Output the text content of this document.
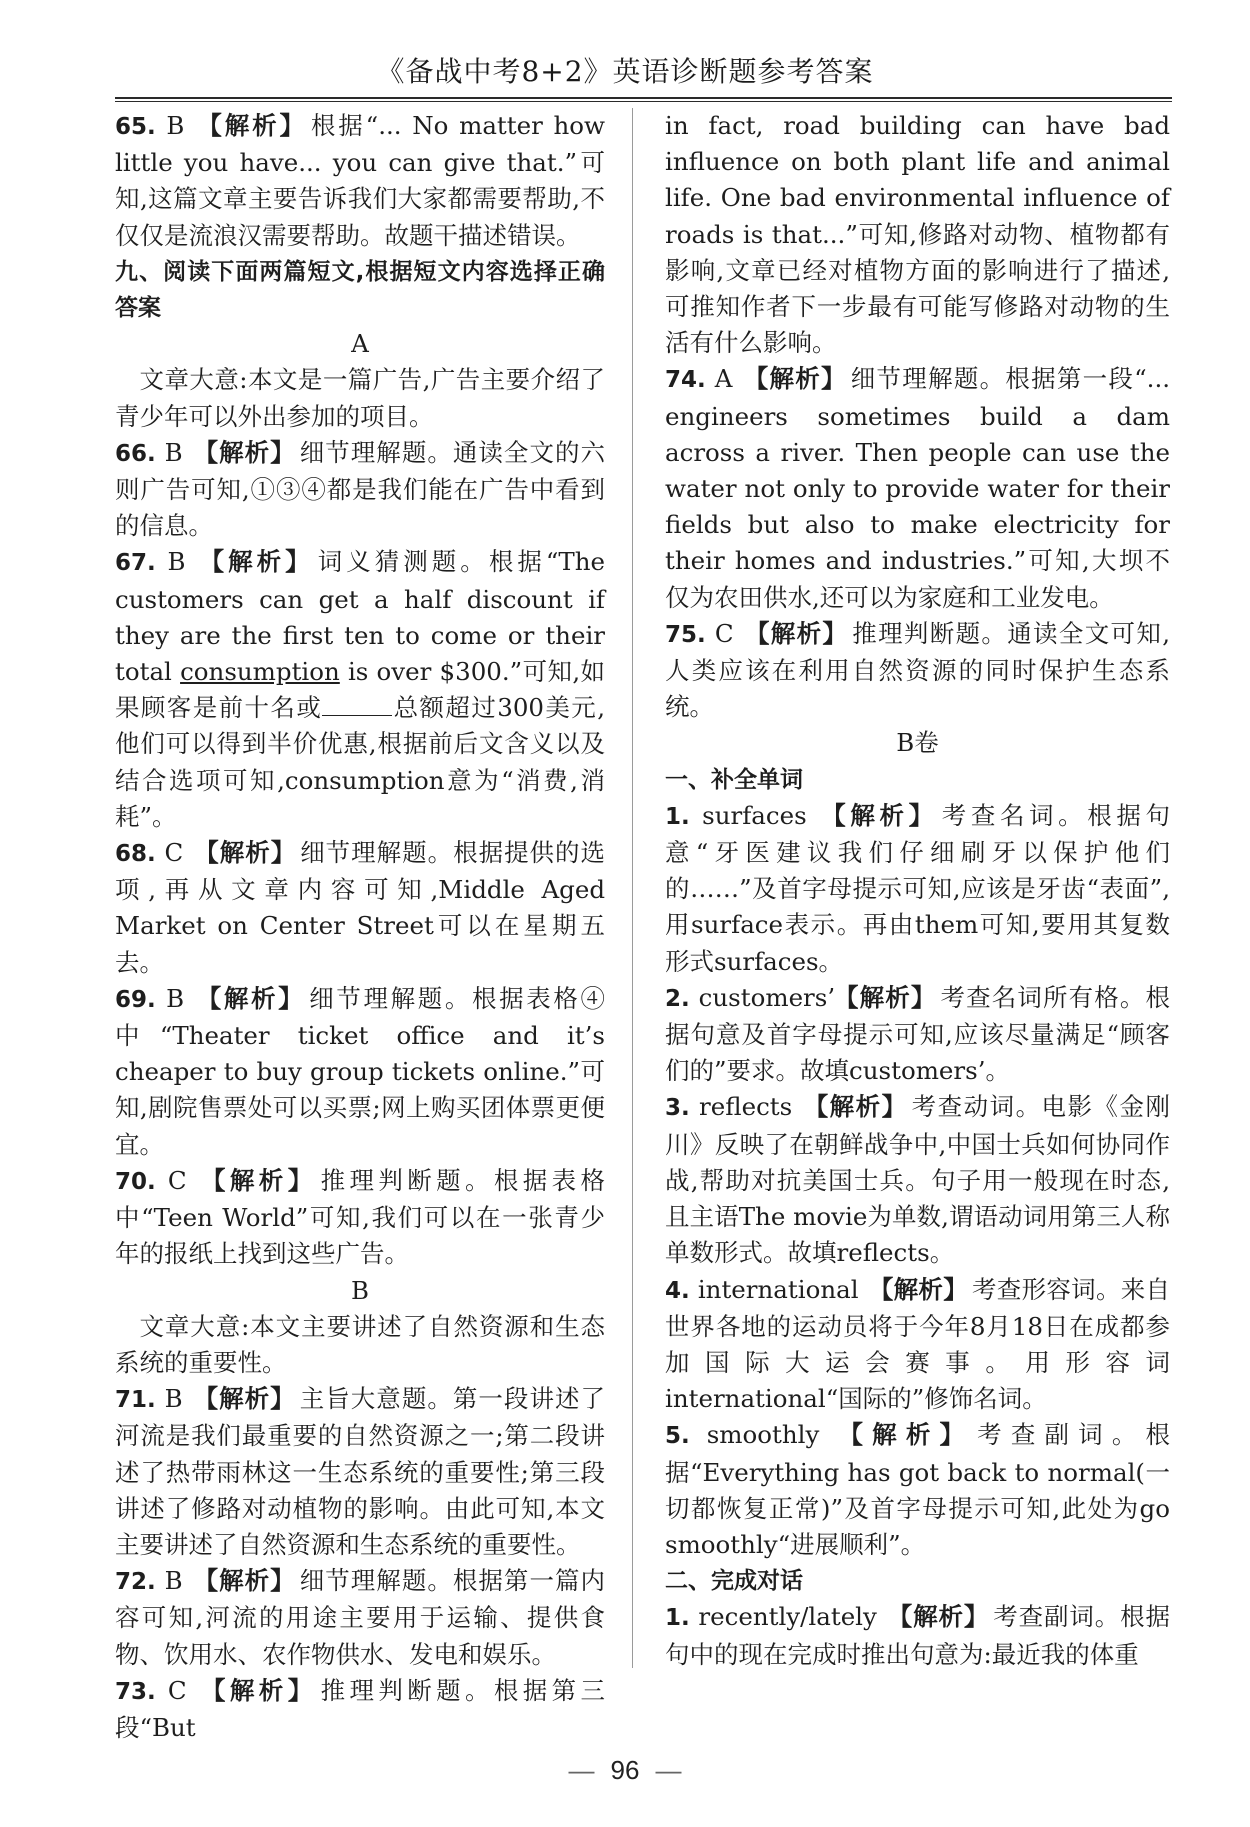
《备战中考8+2》英语诊断题参考答案

65. B 【解析】 根据“... No matter how little you have... you can give that.”可知,这篇文章主要告诉我们大家都需要帮助,不仅仅是流浪汉需要帮助。故题干描述错误。

九、阅读下面两篇短文,根据短文内容选择正确答案

A

文章大意:本文是一篇广告,广告主要介绍了青少年可以外出参加的项目。

66. B 【解析】 细节理解题。通读全文的六则广告可知,①③④都是我们能在广告中看到的信息。

67. B 【解析】 词义猜测题。根据“The customers can get a half discount if they are the first ten to come or their total consumption is over $300.”可知,如果顾客是前十名或	总额超过300美元,他们可以得到半价优惠,根据前后文含义以及结合选项可知,consumption意为“消费,消耗”。

68. C 【解析】 细节理解题。根据提供的选项,再从文章内容可知,Middle Aged Market on Center Street可以在星期五去。

69. B 【解析】 细节理解题。根据表格④中“Theater ticket office and it’s cheaper to buy group tickets online.”可知,剧院售票处可以买票;网上购买团体票更便宜。

70. C 【解析】 推理判断题。根据表格中“Teen World”可知,我们可以在一张青少年的报纸上找到这些广告。

B

文章大意:本文主要讲述了自然资源和生态系统的重要性。

71. B 【解析】 主旨大意题。第一段讲述了河流是我们最重要的自然资源之一;第二段讲述了热带雨林这一生态系统的重要性;第三段讲述了修路对动植物的影响。由此可知,本文主要讲述了自然资源和生态系统的重要性。

72. B 【解析】 细节理解题。根据第一篇内容可知,河流的用途主要用于运输、提供食物、饮用水、农作物供水、发电和娱乐。

73. C 【解析】 推理判断题。根据第三段“But

in fact, road building can have bad influence on both plant life and animal life. One bad environmental influence of roads is that...”可知,修路对动物、植物都有影响,文章已经对植物方面的影响进行了描述,可推知作者下一步最有可能写修路对动物的生活有什么影响。

74. A 【解析】 细节理解题。根据第一段“... engineers sometimes build a dam across a river. Then people can use the water not only to provide water for their fields but also to make electricity for their homes and industries.”可知,大坝不仅为农田供水,还可以为家庭和工业发电。

75. C 【解析】 推理判断题。通读全文可知,人类应该在利用自然资源的同时保护生态系统。

B卷

一、补全单词

1. surfaces 【解析】 考查名词。根据句意“牙医建议我们仔细刷牙以保护他们的……”及首字母提示可知,应该是牙齿“表面”,用surface表示。再由them可知,要用其复数形式surfaces。

2. customers’ 【解析】 考查名词所有格。根据句意及首字母提示可知,应该尽量满足“顾客们的”要求。故填customers’。

3. reflects 【解析】 考查动词。电影《金刚川》反映了在朝鲜战争中,中国士兵如何协同作战,帮助对抗美国士兵。句子用一般现在时态,且主语The movie为单数,谓语动词用第三人称单数形式。故填reflects。

4. international 【解析】 考查形容词。来自世界各地的运动员将于今年8月18日在成都参加国际大运会赛事。用形容词international“国际的”修饰名词。

5. smoothly 【解析】 考查副词。根据“Everything has got back to normal(一切都恢复正常)”及首字母提示可知,此处为go smoothly“进展顺利”。

二、完成对话

1. recently/lately 【解析】 考查副词。根据句中的现在完成时推出句意为:最近我的体重

— 96 —
